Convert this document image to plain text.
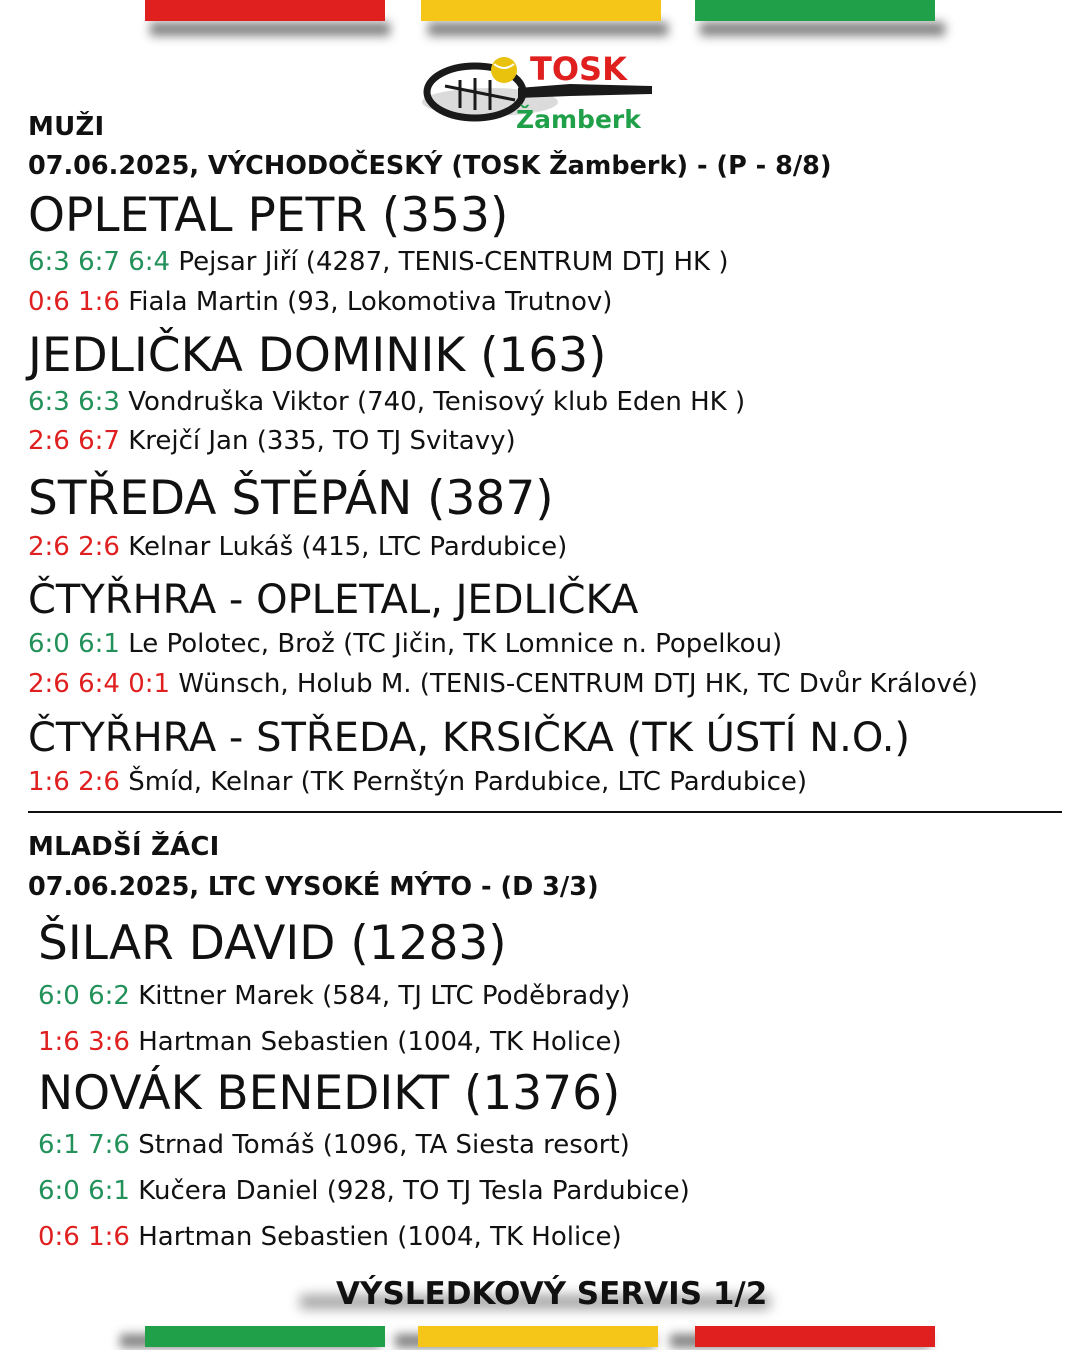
TOSK
Žamberk
MUŽI
07.06.2025, VÝCHODOČESKÝ (TOSK Žamberk) - (P - 8/8)
OPLETAL PETR (353)
6:3 6:7 6:4 Pejsar Jiří (4287, TENIS-CENTRUM DTJ HK )
0:6 1:6 Fiala Martin (93, Lokomotiva Trutnov)
JEDLIČKA DOMINIK (163)
6:3 6:3 Vondruška Viktor (740, Tenisový klub Eden HK )
2:6 6:7 Krejčí Jan (335, TO TJ Svitavy)
STŘEDA ŠTĚPÁN (387)
2:6 2:6 Kelnar Lukáš (415, LTC Pardubice)
ČTYŘHRA - OPLETAL, JEDLIČKA
6:0 6:1 Le Polotec, Brož (TC Jičin, TK Lomnice n. Popelkou)
2:6 6:4 0:1 Wünsch, Holub M. (TENIS-CENTRUM DTJ HK, TC Dvůr Králové)
ČTYŘHRA - STŘEDA, KRSIČKA (TK ÚSTÍ N.O.)
1:6 2:6 Šmíd, Kelnar (TK Pernštýn Pardubice, LTC Pardubice)
MLADŠÍ ŽÁCI
07.06.2025, LTC VYSOKÉ MÝTO - (D 3/3)
ŠILAR DAVID (1283)
6:0 6:2 Kittner Marek (584, TJ LTC Poděbrady)
1:6 3:6 Hartman Sebastien (1004, TK Holice)
NOVÁK BENEDIKT (1376)
6:1 7:6 Strnad Tomáš (1096, TA Siesta resort)
6:0 6:1 Kučera Daniel (928, TO TJ Tesla Pardubice)
0:6 1:6 Hartman Sebastien (1004, TK Holice)
VÝSLEDKOVÝ SERVIS 1/2
